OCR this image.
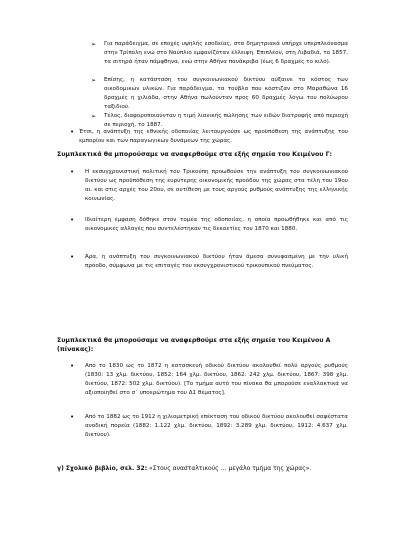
➢ Για παράδειγμα, σε εποχές υψηλής εσοδείας, στα δημητριακά υπήρχε υπερπλεόνασμα στην Τρίπολη ενώ στο Ναύπλιο εμφανίζόταν έλλειψη. Επιπλέον, στη Λιβαδιά, το 1857, τα σιτηρά ήταν πάμφθηνα, ενώ στην Αθήνα πανάκριβα (έως 6 δραχμές το κιλό).
➢ Επίσης, η κατάσταση του συγκοινωνιακού δικτύου αύξαινε το κόστος των οικοδομικών υλικών. Για παράδειγμα, τα τούβλα που κόστιζαν στο Μαραθώνα 16 δραχμές η χιλιάδα, στην Αθήνα πωλούνταν προς 60 δραχμές λόγω του πολύωρου ταξιδιού.
➢ Τέλος, διαφοροποιούνταν η τιμή λιανικής πώλησης των ειδών διατροφής από περιοχή σε περιοχή, το 1887.
• Έτσι, η ανάπτυξη της εθνικής οδοποιίας λειτουργούσε ως προϋπόθεση της ανάπτυξης του εμπορίου και των παραγωγικών δυνάμεων της χώρας.
Συμπλεκτικά θα μπορούσαμε να αναφερθούμε στα εξής σημεία του Κειμένου Γ:
• Η εκσυγχρονιστική πολιτική του Τρικούπη προωθούσε την ανάπτυξη του συγκοινωνιακού δικτύου ως προϋπόθεση της ευρύτερης οικονομικής προόδου της χώρας στα τέλη του 19ου αι. και στις αρχές του 20ου, σε αντίθεση με τους αργούς ρυθμούς ανάπτυξης της ελληνικής κοινωνίας.
• Ιδιαίτερη έμφαση δόθηκε στον τομέα της οδοποιίας, η οποία προωθήθηκε και από τις οικονομικές αλλαγές που συντελέστηκαν τις δεκαετίες του 1870 και 1880.
• Άρα, η ανάπτυξη του συγκοινωνιακού δικτύου ήταν άμεσα συνυφασμένη με την υλική πρόοδο, σύμφωνα με τις επιταγές του εκσυγχρονιστικού τρικουπικού πνεύματος.
Συμπλεκτικά θα μπορούσαμε να αναφερθούμε στα εξής σημεία του Κειμένου Α
(πίνακας):
• Από το 1830 ως το 1872 η κατασκευή οδικού δικτύου ακολουθεί πολύ αργούς ρυθμούς (1830: 13 χλμ. δικτύου, 1852: 164 χλμ. δικτύου, 1862: 242 χλμ. δικτύου, 1867: 398 χλμ. δικτύου, 1872: 502 χλμ. δικτύου). [Το τμήμα αυτό του πίνακα θα μπορούσε εναλλακτικά να αξιοποιηθεί στο σ΄ υποερώτημα του Δ1 θέματος].
• Από το 1882 ως το 1912 η χιλιομετρική επέκταση του οδικού δικτύου ακολουθεί σαφέστατα ανοδική πορεία (1882: 1.122 χλμ. δικτύου, 1892: 3.289 χλμ. δικτύου, 1912: 4.637 χλμ. δικτύου).
γ) Σχολικό βιβλίο, σελ. 32: «Στους ανασταλτικούς … μεγάλο τμήμα της χώρας».
